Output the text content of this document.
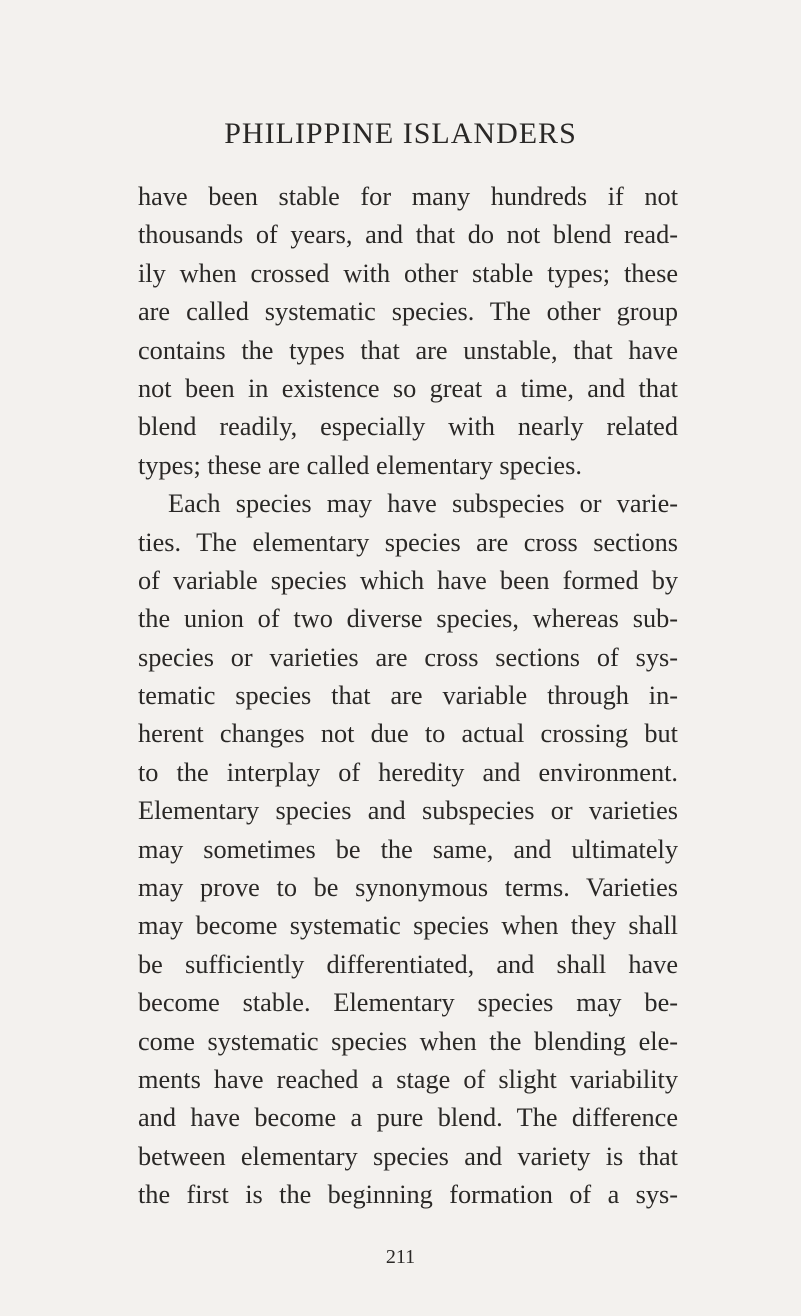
PHILIPPINE ISLANDERS
have been stable for many hundreds if not
thousands of years, and that do not blend read-
ily when crossed with other stable types; these
are called systematic species. The other group
contains the types that are unstable, that have
not been in existence so great a time, and that
blend readily, especially with nearly related
types; these are called elementary species.
Each species may have subspecies or varie-
ties. The elementary species are cross sections
of variable species which have been formed by
the union of two diverse species, whereas sub-
species or varieties are cross sections of sys-
tematic species that are variable through in-
herent changes not due to actual crossing but
to the interplay of heredity and environment.
Elementary species and subspecies or varieties
may sometimes be the same, and ultimately
may prove to be synonymous terms. Varieties
may become systematic species when they shall
be sufficiently differentiated, and shall have
become stable. Elementary species may be-
come systematic species when the blending ele-
ments have reached a stage of slight variability
and have become a pure blend. The difference
between elementary species and variety is that
the first is the beginning formation of a sys-
211
